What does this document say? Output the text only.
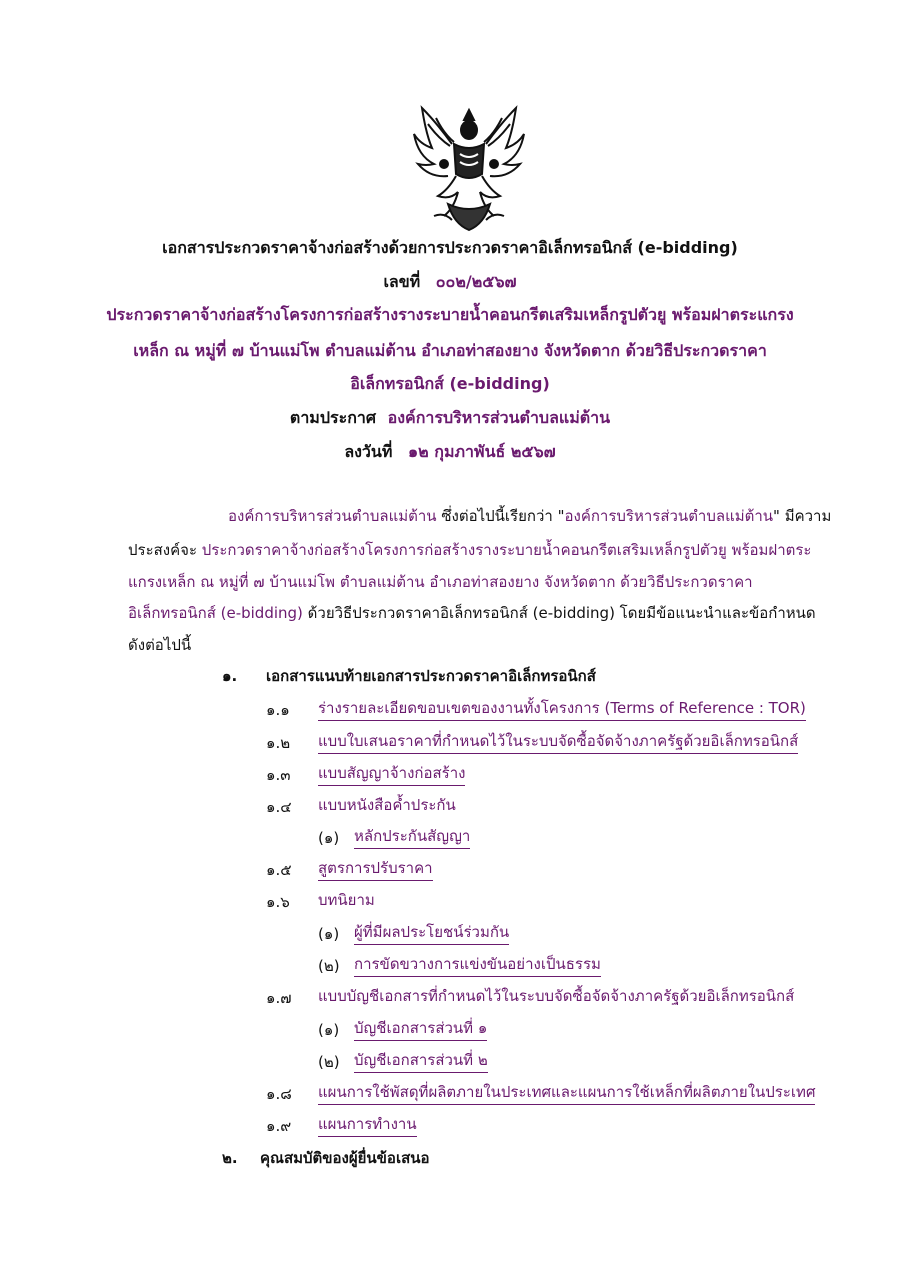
เอกสารประกวดราคาจ้างก่อสร้างด้วยการประกวดราคาอิเล็กทรอนิกส์ (e-bidding)
เลขที่ ๐๐๒/๒๕๖๗
ประกวดราคาจ้างก่อสร้างโครงการก่อสร้างรางระบายน้ำคอนกรีตเสริมเหล็กรูปตัวยู พร้อมฝาตระแกรง
เหล็ก ณ หมู่ที่ ๗ บ้านแม่โพ ตำบลแม่ต้าน อำเภอท่าสองยาง จังหวัดตาก ด้วยวิธีประกวดราคา
อิเล็กทรอนิกส์ (e-bidding)
ตามประกาศ องค์การบริหารส่วนตำบลแม่ต้าน
ลงวันที่ ๑๒ กุมภาพันธ์ ๒๕๖๗
องค์การบริหารส่วนตำบลแม่ต้าน ซึ่งต่อไปนี้เรียกว่า "องค์การบริหารส่วนตำบลแม่ต้าน" มีความ
ประสงค์จะ ประกวดราคาจ้างก่อสร้างโครงการก่อสร้างรางระบายน้ำคอนกรีตเสริมเหล็กรูปตัวยู พร้อมฝาตระ
แกรงเหล็ก ณ หมู่ที่ ๗ บ้านแม่โพ ตำบลแม่ต้าน อำเภอท่าสองยาง จังหวัดตาก ด้วยวิธีประกวดราคา
อิเล็กทรอนิกส์ (e-bidding) ด้วยวิธีประกวดราคาอิเล็กทรอนิกส์ (e-bidding) โดยมีข้อแนะนำและข้อกำหนด
ดังต่อไปนี้
๑. เอกสารแนบท้ายเอกสารประกวดราคาอิเล็กทรอนิกส์
๑.๑ ร่างรายละเอียดขอบเขตของงานทั้งโครงการ (Terms of Reference : TOR)
๑.๒ แบบใบเสนอราคาที่กำหนดไว้ในระบบจัดซื้อจัดจ้างภาครัฐด้วยอิเล็กทรอนิกส์
๑.๓ แบบสัญญาจ้างก่อสร้าง
๑.๔ แบบหนังสือค้ำประกัน
(๑) หลักประกันสัญญา
๑.๕ สูตรการปรับราคา
๑.๖ บทนิยาม
(๑) ผู้ที่มีผลประโยชน์ร่วมกัน
(๒) การขัดขวางการแข่งขันอย่างเป็นธรรม
๑.๗ แบบบัญชีเอกสารที่กำหนดไว้ในระบบจัดซื้อจัดจ้างภาครัฐด้วยอิเล็กทรอนิกส์
(๑) บัญชีเอกสารส่วนที่ ๑
(๒) บัญชีเอกสารส่วนที่ ๒
๑.๘ แผนการใช้พัสดุที่ผลิตภายในประเทศและแผนการใช้เหล็กที่ผลิตภายในประเทศ
๑.๙ แผนการทำงาน
๒. คุณสมบัติของผู้ยื่นข้อเสนอ
